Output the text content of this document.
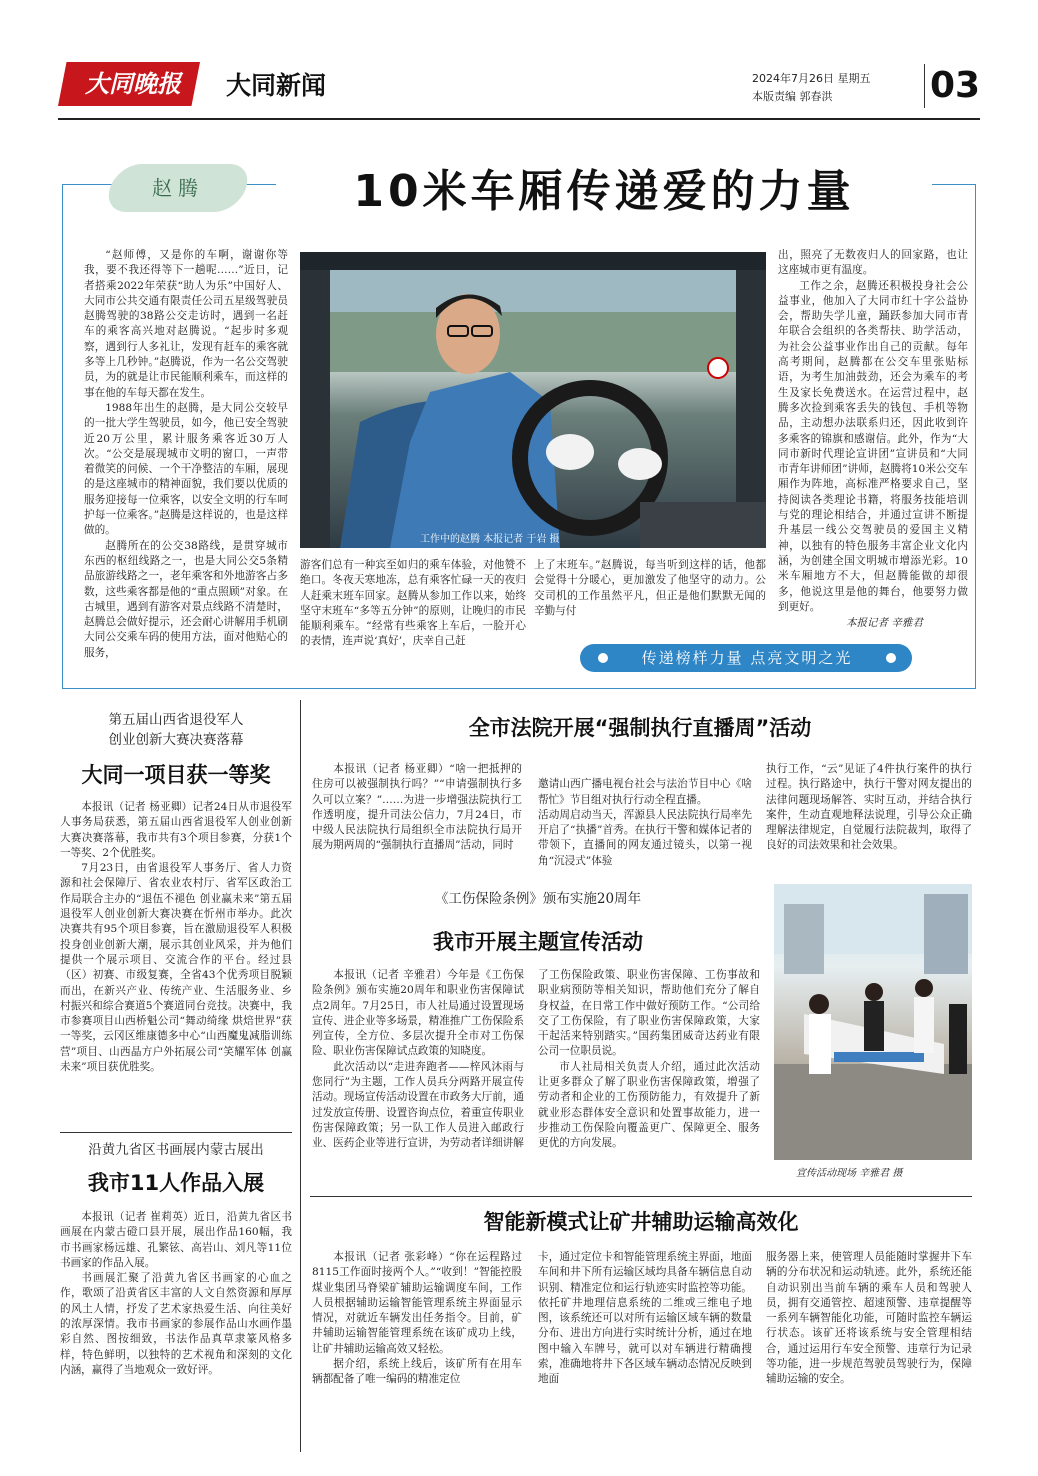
大同晚报	大同新闻	2024年7月26日 星期五
本版责编 郭春洪	03
赵腾	10米车厢传递爱的力量

“赵师傅，又是你的车啊，谢谢你等我，要不我还得等下一趟呢……”近日，记者搭乘2022年荣获“助人为乐”中国好人、大同市公共交通有限责任公司五星级驾驶员赵腾驾驶的38路公交走访时，遇到一名赶车的乘客高兴地对赵腾说。“起步时多观察，遇到行人多礼让，发现有赶车的乘客就多等上几秒钟。”赵腾说，作为一名公交驾驶员，为的就是让市民能顺利乘车，而这样的事在他的车每天都在发生。

1988年出生的赵腾，是大同公交较早的一批大学生驾驶员，如今，他已安全驾驶近20万公里，累计服务乘客近30万人次。“公交是展现城市文明的窗口，一声带着微笑的问候、一个干净整洁的车厢，展现的是这座城市的精神面貌，我们要以优质的服务迎接每一位乘客，以安全文明的行车呵护每一位乘客。”赵腾是这样说的，也是这样做的。

赵腾所在的公交38路线，是贯穿城市东西的枢纽线路之一，也是大同公交5条精品旅游线路之一，老年乘客和外地游客占多数，这些乘客都是他的“重点照顾”对象。在古城里，遇到有游客对景点线路不清楚时，赵腾总会做好提示，还会耐心讲解用手机刷大同公交乘车码的使用方法，面对他贴心的服务，

工作中的赵腾 本报记者 于岩 摄

游客们总有一种宾至如归的乘车体验，对他赞不绝口。冬夜天寒地冻，总有乘客忙碌一天的夜归人赶乘末班车回家。赵腾从参加工作以来，始终坚守末班车“多等五分钟”的原则，让晚归的市民能顺利乘车。“经常有些乘客上车后，一脸开心的表情，连声说‘真好’，庆幸自己赶

上了末班车。”赵腾说，每当听到这样的话，他都会觉得十分暖心，更加激发了他坚守的动力。公交司机的工作虽然平凡，但正是他们默默无闻的辛勤与付

出，照亮了无数夜归人的回家路，也让这座城市更有温度。

工作之余，赵腾还积极投身社会公益事业，他加入了大同市红十字公益协会，帮助失学儿童，踊跃参加大同市青年联合会组织的各类帮扶、助学活动，为社会公益事业作出自己的贡献。每年高考期间，赵腾都在公交车里张贴标语，为考生加油鼓劲，还会为乘车的考生及家长免费送水。在运营过程中，赵腾多次捡到乘客丢失的钱包、手机等物品，主动想办法联系归还，因此收到许多乘客的锦旗和感谢信。此外，作为“大同市新时代理论宣讲团”宣讲员和“大同市青年讲师团”讲师，赵腾将10米公交车厢作为阵地，高标准严格要求自己，坚持阅读各类理论书籍，将服务技能培训与党的理论相结合，并通过宣讲不断提升基层一线公交驾驶员的爱国主义精神，以独有的特色服务丰富企业文化内涵，为创建全国文明城市增添光彩。10米车厢地方不大，但赵腾能做的却很多，他说这里是他的舞台，他要努力做到更好。

本报记者 辛雅君
传递榜样力量 点亮文明之光
第五届山西省退役军人
创业创新大赛决赛落幕
大同一项目获一等奖

本报讯（记者 杨亚卿）记者24日从市退役军人事务局获悉，第五届山西省退役军人创业创新大赛决赛落幕，我市共有3个项目参赛，分获1个一等奖、2个优胜奖。

7月23日，由省退役军人事务厅、省人力资源和社会保障厅、省农业农村厅、省军区政治工作局联合主办的“退伍不褪色 创业赢未来”第五届退役军人创业创新大赛决赛在忻州市举办。此次决赛共有95个项目参赛，旨在激励退役军人积极投身创业创新大潮，展示其创业风采，并为他们提供一个展示项目、交流合作的平台。经过县（区）初赛、市级复赛，全省43个优秀项目脱颖而出，在新兴产业、传统产业、生活服务业、乡村振兴和综合赛道5个赛道同台竞技。决赛中，我市参赛项目山西桥魁公司“舞动绮缘 烘焙世界”获一等奖，云冈区维康德多中心“山西魔鬼减脂训练营”项目、山西晶方户外拓展公司“笑耀军体 创赢未来”项目获优胜奖。

沿黄九省区书画展内蒙古展出
我市11人作品入展

本报讯（记者 崔莉英）近日，沿黄九省区书画展在内蒙古磴口县开展，展出作品160幅，我市书画家杨远雄、孔繁铉、高岩山、刘凡等11位书画家的作品入展。

书画展汇聚了沿黄九省区书画家的心血之作，歌颂了沿黄省区丰富的人文自然资源和厚厚的风土人情，抒发了艺术家热爱生活、向往美好的浓厚深情。我市书画家的参展作品山水画作墨彩自然、图按细致，书法作品真草隶篆风格多样，特色鲜明，以独特的艺术视角和深刻的文化内涵，赢得了当地观众一致好评。

全市法院开展“强制执行直播周”活动

本报讯（记者 杨亚卿）“啥一把抵押的住房可以被强制执行吗？”“申请强制执行多久可以立案？”……为进一步增强法院执行工作透明度，提升司法公信力，7月24日，市中级人民法院执行局组织全市法院执行局开展为期两周的“强制执行直播周”活动，同时

邀请山西广播电视台社会与法治节目中心《啥帮忙》节目组对执行行动全程直播。
活动周启动当天，浑源县人民法院执行局率先开启了“执播”首秀。在执行干警和媒体记者的带领下，直播间的网友通过镜头，以第一视角“沉浸式”体验

执行工作，“云”见证了4件执行案件的执行过程。执行路途中，执行干警对网友提出的法律问题现场解答、实时互动，并结合执行案件，生动直观地释法说理，引导公众正确理解法律规定，自觉履行法院裁判，取得了良好的司法效果和社会效果。

《工伤保险条例》颁布实施20周年
我市开展主题宣传活动

本报讯（记者 辛雅君）今年是《工伤保险条例》颁布实施20周年和职业伤害保障试点2周年。7月25日，市人社局通过设置现场宣传、进企业等多场景，精准推广工伤保险系列宣传，全方位、多层次提升全市对工伤保险、职业伤害保障试点政策的知晓度。

此次活动以“走进奔跑者——梓风沐雨与您同行”为主题，工作人员兵分两路开展宣传活动。现场宣传活动设置在市政务大厅前，通过发放宣传册、设置咨询点位，着重宣传职业伤害保障政策；另一队工作人员进入邮政行业、医药企业等进行宣讲，为劳动者详细讲解

了工伤保险政策、职业伤害保障、工伤事故和职业病预防等相关知识，帮助他们充分了解自身权益，在日常工作中做好预防工作。“公司给交了工伤保险，有了职业伤害保障政策，大家干起活来特别踏实。”国药集团威奇达药业有限公司一位职员说。

市人社局相关负责人介绍，通过此次活动让更多群众了解了职业伤害保障政策，增强了劳动者和企业的工伤预防能力，有效提升了新就业形态群体安全意识和处置事故能力，进一步推动工伤保险向覆盖更广、保障更全、服务更优的方向发展。

宣传活动现场 辛雅君 摄
智能新模式让矿井辅助运输高效化

本报讯（记者 张彩峰）“你在运程路过8115工作面时接两个人。”“收到！”智能控股煤业集团马脊梁矿辅助运输调度车间，工作人员根据辅助运输智能管理系统主界面显示情况，对就近车辆发出任务指令。目前，矿井辅助运输智能管理系统在该矿成功上线，让矿井辅助运输高效又轻松。

据介绍，系统上线后，该矿所有在用车辆都配备了唯一编码的精准定位

卡，通过定位卡和智能管理系统主界面，地面车间和井下所有运输区域均具备车辆信息自动识别、精准定位和运行轨迹实时监控等功能。依托矿井地理信息系统的二维或三维电子地图，该系统还可以对所有运输区域车辆的数量分布、进出方向进行实时统计分析，通过在地图中输入车牌号，就可以对车辆进行精确搜索，准确地将井下各区域车辆动态情况反映到地面

服务器上来，使管理人员能随时掌握井下车辆的分布状况和运动轨迹。此外，系统还能自动识别出当前车辆的乘车人员和驾驶人员，拥有交通管控、超速预警、违章提醒等一系列车辆智能化功能，可随时监控车辆运行状态。该矿还将该系统与安全管理相结合，通过运用行车安全预警、违章行为记录等功能，进一步规范驾驶员驾驶行为，保障辅助运输的安全。
